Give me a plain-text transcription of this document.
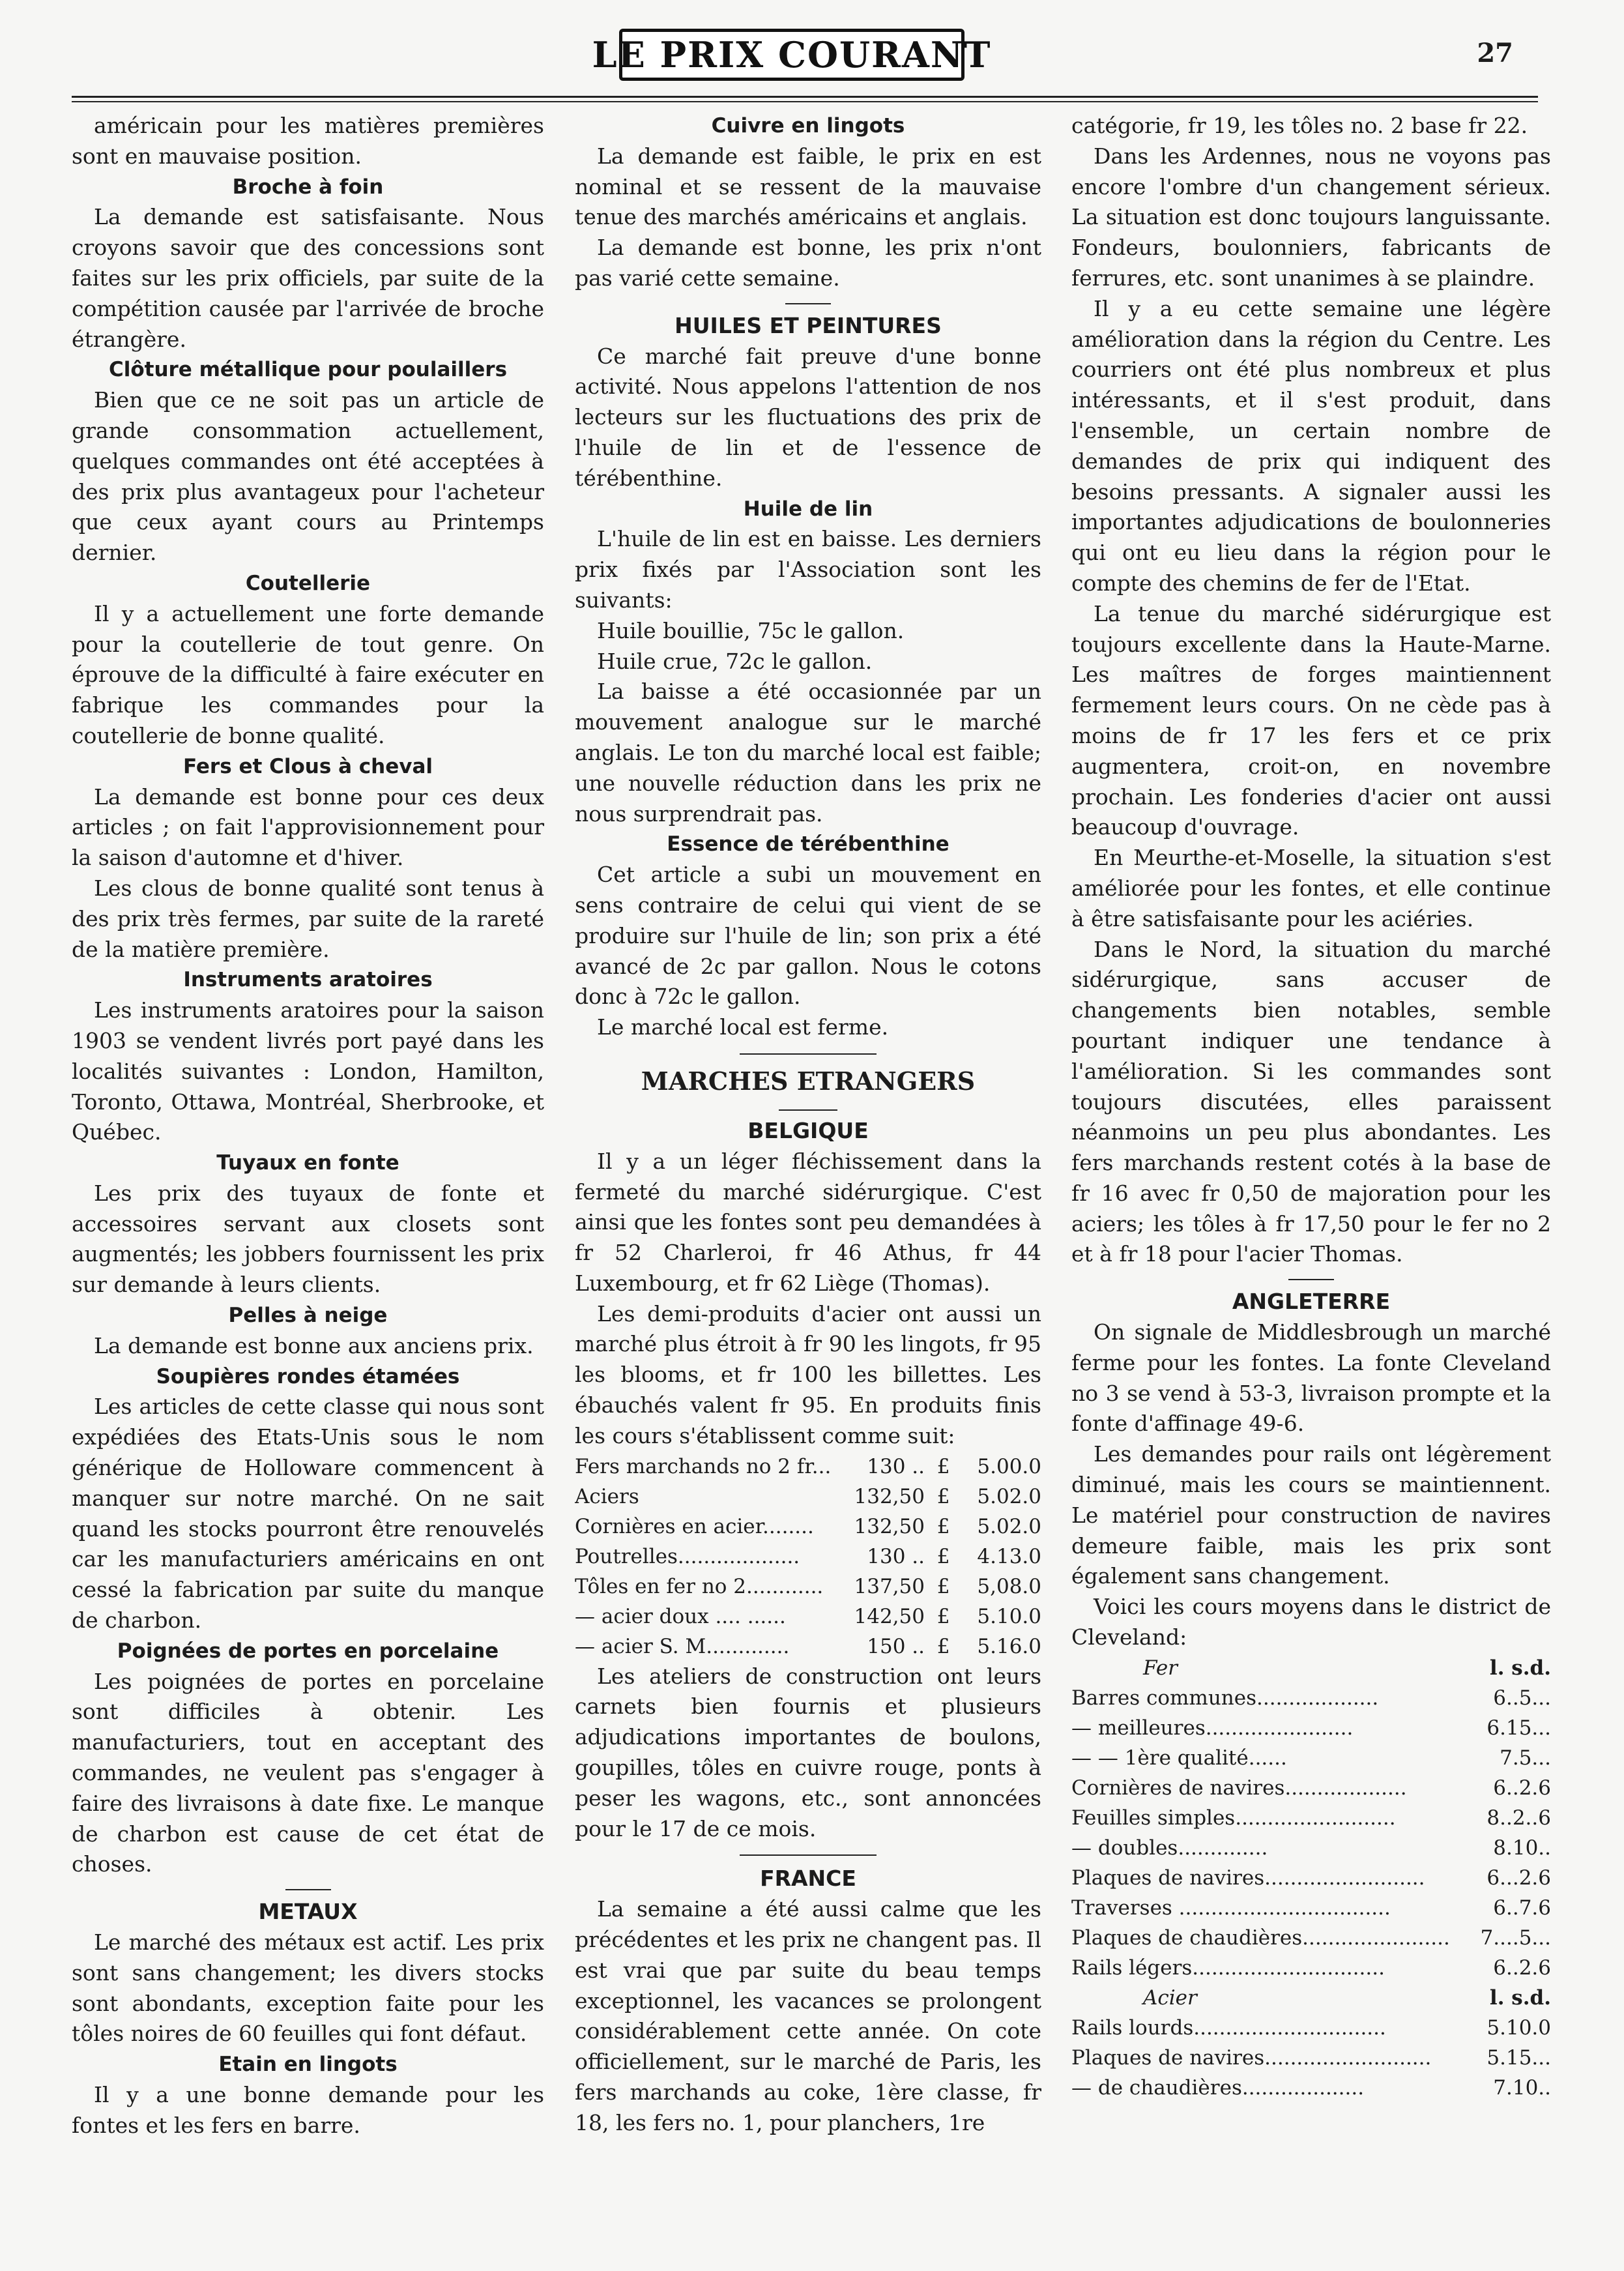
LE PRIX COURANT	27

américain pour les matières premières sont en mauvaise position.

Broche à foin

La demande est satisfaisante. Nous croyons savoir que des concessions sont faites sur les prix officiels, par suite de la compétition causée par l'arrivée de broche étrangère.

Clôture métallique pour poulaillers

Bien que ce ne soit pas un article de grande consommation actuellement, quelques commandes ont été acceptées à des prix plus avantageux pour l'acheteur que ceux ayant cours au Printemps dernier.

Coutellerie

Il y a actuellement une forte demande pour la coutellerie de tout genre. On éprouve de la difficulté à faire exécuter en fabrique les commandes pour la coutellerie de bonne qualité.

Fers et Clous à cheval

La demande est bonne pour ces deux articles ; on fait l'approvisionnement pour la saison d'automne et d'hiver.

Les clous de bonne qualité sont tenus à des prix très fermes, par suite de la rareté de la matière première.

Instruments aratoires

Les instruments aratoires pour la saison 1903 se vendent livrés port payé dans les localités suivantes : London, Hamilton, Toronto, Ottawa, Montréal, Sherbrooke, et Québec.

Tuyaux en fonte

Les prix des tuyaux de fonte et accessoires servant aux closets sont augmentés; les jobbers fournissent les prix sur demande à leurs clients.

Pelles à neige

La demande est bonne aux anciens prix.

Soupières rondes étamées

Les articles de cette classe qui nous sont expédiées des Etats-Unis sous le nom générique de Holloware commencent à manquer sur notre marché. On ne sait quand les stocks pourront être renouvelés car les manufacturiers américains en ont cessé la fabrication par suite du manque de charbon.

Poignées de portes en porcelaine

Les poignées de portes en porcelaine sont difficiles à obtenir. Les manufacturiers, tout en acceptant des commandes, ne veulent pas s'engager à faire des livraisons à date fixe. Le manque de charbon est cause de cet état de choses.

METAUX

Le marché des métaux est actif. Les prix sont sans changement; les divers stocks sont abondants, exception faite pour les tôles noires de 60 feuilles qui font défaut.

Etain en lingots

Il y a une bonne demande pour les fontes et les fers en barre.

Cuivre en lingots

La demande est faible, le prix en est nominal et se ressent de la mauvaise tenue des marchés américains et anglais.

La demande est bonne, les prix n'ont pas varié cette semaine.

HUILES ET PEINTURES

Ce marché fait preuve d'une bonne activité. Nous appelons l'attention de nos lecteurs sur les fluctuations des prix de l'huile de lin et de l'essence de térébenthine.

Huile de lin

L'huile de lin est en baisse. Les derniers prix fixés par l'Association sont les suivants:

Huile bouillie, 75c le gallon.

Huile crue, 72c le gallon.

La baisse a été occasionnée par un mouvement analogue sur le marché anglais. Le ton du marché local est faible; une nouvelle réduction dans les prix ne nous surprendrait pas.

Essence de térébenthine

Cet article a subi un mouvement en sens contraire de celui qui vient de se produire sur l'huile de lin; son prix a été avancé de 2c par gallon. Nous le cotons donc à 72c le gallon.

Le marché local est ferme.

MARCHES ETRANGERS
BELGIQUE

Il y a un léger fléchissement dans la fermeté du marché sidérurgique. C'est ainsi que les fontes sont peu demandées à fr 52 Charleroi, fr 46 Athus, fr 44 Luxembourg, et fr 62 Liège (Thomas).

Les demi-produits d'acier ont aussi un marché plus étroit à fr 90 les lingots, fr 95 les blooms, et fr 100 les billettes. Les ébauchés valent fr 95. En produits finis les cours s'établissent comme suit:

Fers marchands no 2 fr...	130 ..	£	5.00.0
Aciers	132,50	£	5.02.0
Cornières en acier........	132,50	£	5.02.0
Poutrelles...................	130 ..	£	4.13.0
Tôles en fer no 2............	137,50	£	5,08.0
— acier doux .... ......	142,50	£	5.10.0
— acier S. M.............	150 ..	£	5.16.0

Les ateliers de construction ont leurs carnets bien fournis et plusieurs adjudications importantes de boulons, goupilles, tôles en cuivre rouge, ponts à peser les wagons, etc., sont annoncées pour le 17 de ce mois.

FRANCE

La semaine a été aussi calme que les précédentes et les prix ne changent pas. Il est vrai que par suite du beau temps exceptionnel, les vacances se prolongent considérablement cette année. On cote officiellement, sur le marché de Paris, les fers marchands au coke, 1ère classe, fr 18, les fers no. 1, pour planchers, 1re

catégorie, fr 19, les tôles no. 2 base fr 22.

Dans les Ardennes, nous ne voyons pas encore l'ombre d'un changement sérieux. La situation est donc toujours languissante. Fondeurs, boulonniers, fabricants de ferrures, etc. sont unanimes à se plaindre.

Il y a eu cette semaine une légère amélioration dans la région du Centre. Les courriers ont été plus nombreux et plus intéressants, et il s'est produit, dans l'ensemble, un certain nombre de demandes de prix qui indiquent des besoins pressants. A signaler aussi les importantes adjudications de boulonneries qui ont eu lieu dans la région pour le compte des chemins de fer de l'Etat.

La tenue du marché sidérurgique est toujours excellente dans la Haute-Marne. Les maîtres de forges maintiennent fermement leurs cours. On ne cède pas à moins de fr 17 les fers et ce prix augmentera, croit-on, en novembre prochain. Les fonderies d'acier ont aussi beaucoup d'ouvrage.

En Meurthe-et-Moselle, la situation s'est améliorée pour les fontes, et elle continue à être satisfaisante pour les aciéries.

Dans le Nord, la situation du marché sidérurgique, sans accuser de changements bien notables, semble pourtant indiquer une tendance à l'amélioration. Si les commandes sont toujours discutées, elles paraissent néanmoins un peu plus abondantes. Les fers marchands restent cotés à la base de fr 16 avec fr 0,50 de majoration pour les aciers; les tôles à fr 17,50 pour le fer no 2 et à fr 18 pour l'acier Thomas.

ANGLETERRE

On signale de Middlesbrough un marché ferme pour les fontes. La fonte Cleveland no 3 se vend à 53-3, livraison prompte et la fonte d'affinage 49-6.

Les demandes pour rails ont légèrement diminué, mais les cours se maintiennent. Le matériel pour construction de navires demeure faible, mais les prix sont également sans changement.

Voici les cours moyens dans le district de Cleveland:

Fer	l. s.d.
Barres communes...................	6..5...
— meilleures.......................	6.15...
— — 1ère qualité......	7.5...
Cornières de navires...................	6..2.6
Feuilles simples.........................	8..2..6
— doubles..............	8.10..
Plaques de navires.........................	6...2.6
Traverses .................................	6..7.6
Plaques de chaudières.......................	7....5...
Rails légers..............................	6..2.6
Acier	l. s.d.
Rails lourds..............................	5.10.0
Plaques de navires..........................	5.15...
— de chaudières...................	7.10..
